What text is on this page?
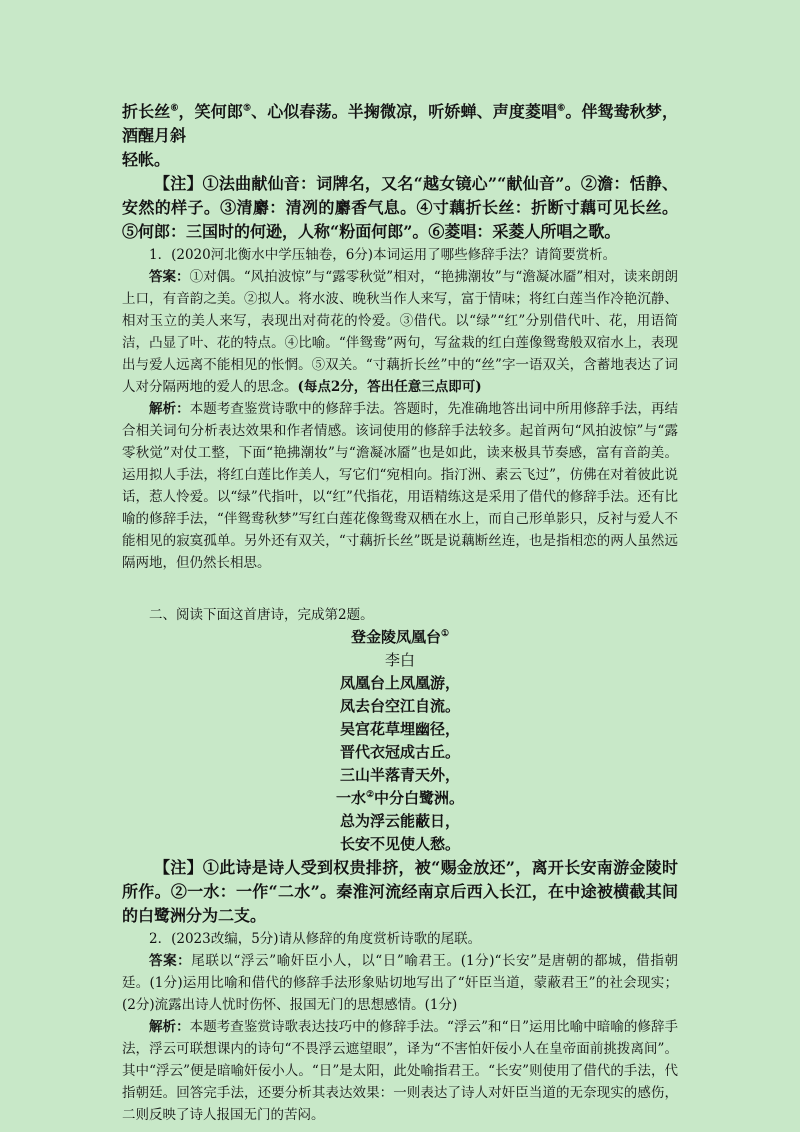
折长丝⑥，笑何郎⑤、心似春荡。半掬微凉，听娇蝉、声度菱唱⑥。伴鸳鸯秋梦，酒醒月斜

轻帐。

【注】①法曲献仙音：词牌名，又名“越女镜心”“献仙音”。②澹：恬静、安然的样子。③清麝：清冽的麝香气息。④寸藕折长丝：折断寸藕可见长丝。⑤何郎：三国时的何逊，人称“粉面何郎”。⑥菱唱：采菱人所唱之歌。

1．(2020河北衡水中学压轴卷，6分)本词运用了哪些修辞手法？请简要赏析。

答案：①对偶。“风拍波惊”与“露零秋觉”相对，“艳拂潮妆”与“澹凝冰靥”相对，读来朗朗上口，有音韵之美。②拟人。将水波、晚秋当作人来写，富于情味；将红白莲当作冷艳沉静、相对玉立的美人来写，表现出对荷花的怜爱。③借代。以“绿”“红”分别借代叶、花，用语简洁，凸显了叶、花的特点。④比喻。“伴鸳鸯”两句，写盆栽的红白莲像鸳鸯般双宿水上，表现出与爱人远离不能相见的怅惘。⑤双关。“寸藕折长丝”中的“丝”字一语双关，含蓄地表达了词人对分隔两地的爱人的思念。(每点2分，答出任意三点即可)

解析：本题考查鉴赏诗歌中的修辞手法。答题时，先准确地答出词中所用修辞手法，再结合相关词句分析表达效果和作者情感。该词使用的修辞手法较多。起首两句“风拍波惊”与“露零秋觉”对仗工整，下面“艳拂潮妆”与“澹凝冰靥”也是如此，读来极具节奏感，富有音韵美。运用拟人手法，将红白莲比作美人，写它们“宛相向。指汀洲、素云飞过”，仿佛在对着彼此说话，惹人怜爱。以“绿”代指叶，以“红”代指花，用语精练这是采用了借代的修辞手法。还有比喻的修辞手法，“伴鸳鸯秋梦”写红白莲花像鸳鸯双栖在水上，而自己形单影只，反衬与爱人不能相见的寂寞孤单。另外还有双关，“寸藕折长丝”既是说藕断丝连，也是指相恋的两人虽然远隔两地，但仍然长相思。

二、阅读下面这首唐诗，完成第2题。

登金陵凤凰台①
李白
凤凰台上凤凰游，
凤去台空江自流。
吴宫花草埋幽径，
晋代衣冠成古丘。
三山半落青天外，
一水②中分白鹭洲。
总为浮云能蔽日，
长安不见使人愁。

【注】①此诗是诗人受到权贵排挤，被“赐金放还”，离开长安南游金陵时所作。②一水：一作“二水”。秦淮河流经南京后西入长江，在中途被横截其间的白鹭洲分为二支。

2．(2023改编，5分)请从修辞的角度赏析诗歌的尾联。

答案：尾联以“浮云”喻奸臣小人，以“日”喻君王。(1分)“长安”是唐朝的都城，借指朝廷。(1分)运用比喻和借代的修辞手法形象贴切地写出了“奸臣当道，蒙蔽君王”的社会现实；(2分)流露出诗人忧时伤怀、报国无门的思想感情。(1分)

解析：本题考查鉴赏诗歌表达技巧中的修辞手法。“浮云”和“日”运用比喻中暗喻的修辞手法，浮云可联想课内的诗句“不畏浮云遮望眼”，译为“不害怕奸佞小人在皇帝面前挑拨离间”。其中“浮云”便是暗喻奸佞小人。“日”是太阳，此处喻指君王。“长安”则使用了借代的手法，代指朝廷。回答完手法，还要分析其表达效果：一则表达了诗人对奸臣当道的无奈现实的感伤，二则反映了诗人报国无门的苦闷。
